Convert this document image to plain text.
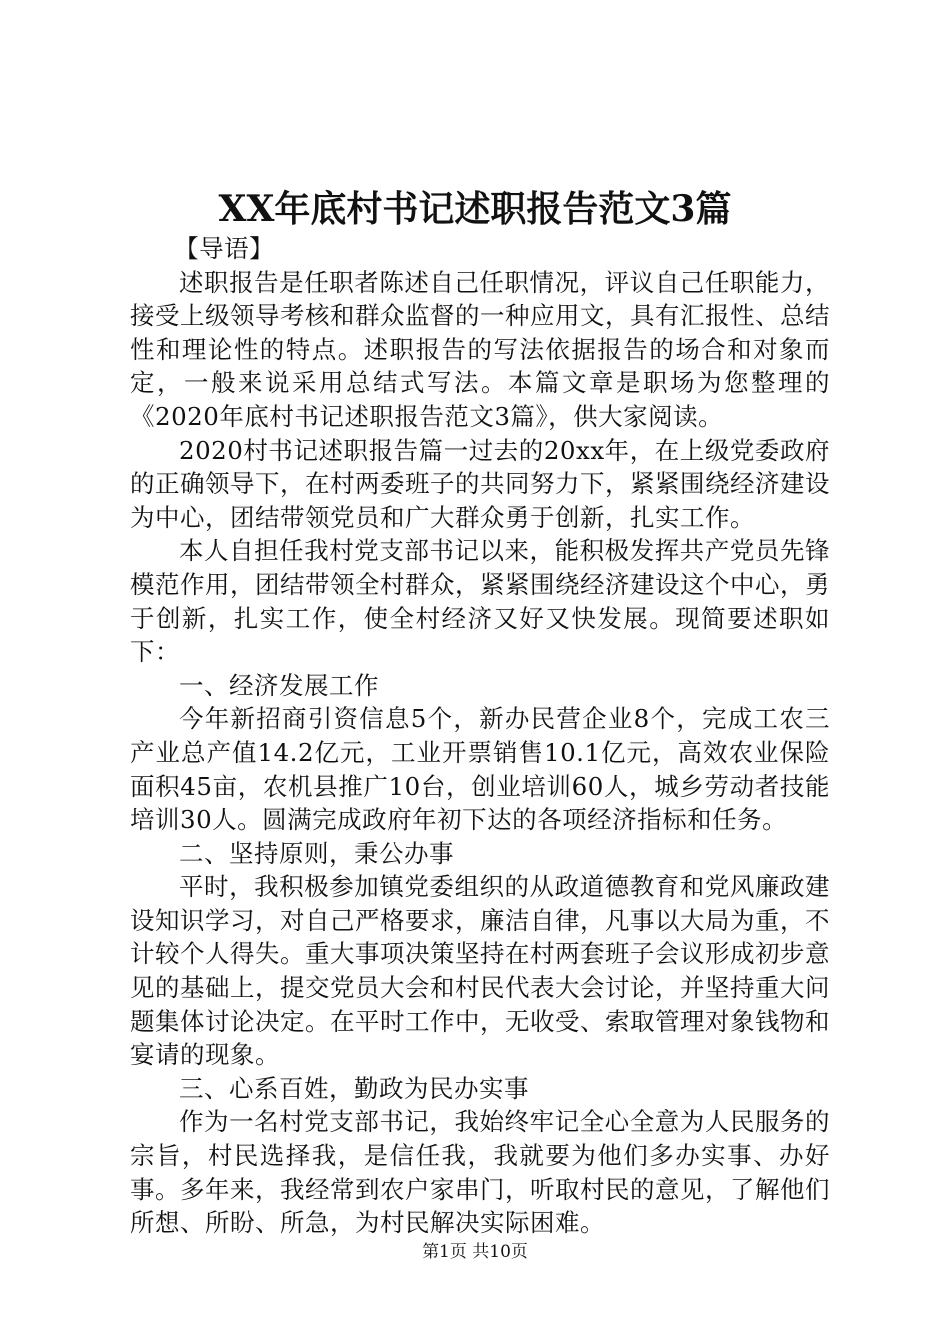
XX年底村书记述职报告范文3篇

【导语】

述职报告是任职者陈述自己任职情况，评议自己任职能力，接受上级领导考核和群众监督的一种应用文，具有汇报性、总结性和理论性的特点。述职报告的写法依据报告的场合和对象而定，一般来说采用总结式写法。本篇文章是职场为您整理的《2020年底村书记述职报告范文3篇》，供大家阅读。

2020村书记述职报告篇一过去的20xx年，在上级党委政府的正确领导下，在村两委班子的共同努力下，紧紧围绕经济建设为中心，团结带领党员和广大群众勇于创新，扎实工作。

本人自担任我村党支部书记以来，能积极发挥共产党员先锋模范作用，团结带领全村群众，紧紧围绕经济建设这个中心，勇于创新，扎实工作，使全村经济又好又快发展。现简要述职如下：

一、经济发展工作

今年新招商引资信息5个，新办民营企业8个，完成工农三产业总产值14.2亿元，工业开票销售10.1亿元，高效农业保险面积45亩，农机县推广10台，创业培训60人，城乡劳动者技能培训30人。圆满完成政府年初下达的各项经济指标和任务。

二、坚持原则，秉公办事

平时，我积极参加镇党委组织的从政道德教育和党风廉政建设知识学习，对自己严格要求，廉洁自律，凡事以大局为重，不计较个人得失。重大事项决策坚持在村两套班子会议形成初步意见的基础上，提交党员大会和村民代表大会讨论，并坚持重大问题集体讨论决定。在平时工作中，无收受、索取管理对象钱物和宴请的现象。

三、心系百姓，勤政为民办实事

作为一名村党支部书记，我始终牢记全心全意为人民服务的宗旨，村民选择我，是信任我，我就要为他们多办实事、办好事。多年来，我经常到农户家串门，听取村民的意见，了解他们所想、所盼、所急，为村民解决实际困难。

第1页 共10页
